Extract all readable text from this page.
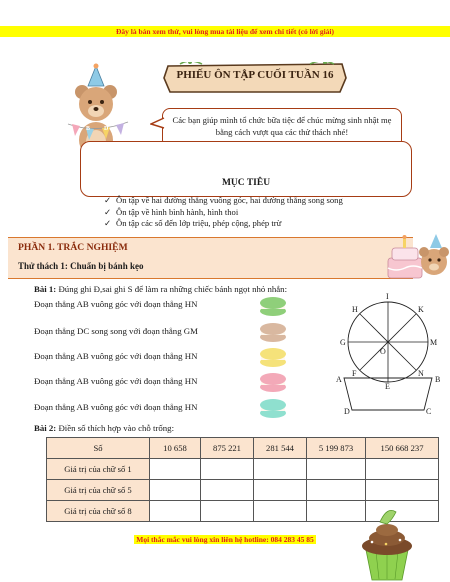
Đây là bản xem thử, vui lòng mua tài liệu để xem chi tiết (có lời giải)
PHIẾU ÔN TẬP CUỐI TUẦN 16
B D
Các bạn giúp mình tổ chức bữa tiệc để chúc mừng sinh nhật mẹ bằng cách vượt qua các thử thách nhé!
MỤC TIÊU
✓ Ôn tập về hai đường thẳng vuông góc, hai đường thẳng song song
✓ Ôn tập về hình bình hành, hình thoi
✓ Ôn tập các số đến lớp triệu, phép cộng, phép trừ
PHẦN 1. TRẮC NGHIỆM
Thử thách 1: Chuẩn bị bánh kẹo
Bài 1: Đúng ghi Đ,sai ghi S để làm ra những chiếc bánh ngọt nhỏ nhắn:
Đoạn thẳng AB vuông góc với đoạn thẳng HN
Đoạn thẳng DC song song với đoạn thẳng GM
Đoạn thẳng AB vuông góc với đoạn thẳng HN
Đoạn thẳng AB vuông góc với đoạn thẳng HN
Đoạn thẳng AB vuông góc với đoạn thẳng HN
I
H	K
G	M
O
F	N
A	B
E
D	C
Bài 2: Điền số thích hợp vào chỗ trống:
Số	10 658	875 221	281 544	5 199 873	150 668 237
Giá trị của chữ số 1					
Giá trị của chữ số 5					
Giá trị của chữ số 8					
Mọi thắc mắc vui lòng xin liên hệ hotline: 084 283 45 85
